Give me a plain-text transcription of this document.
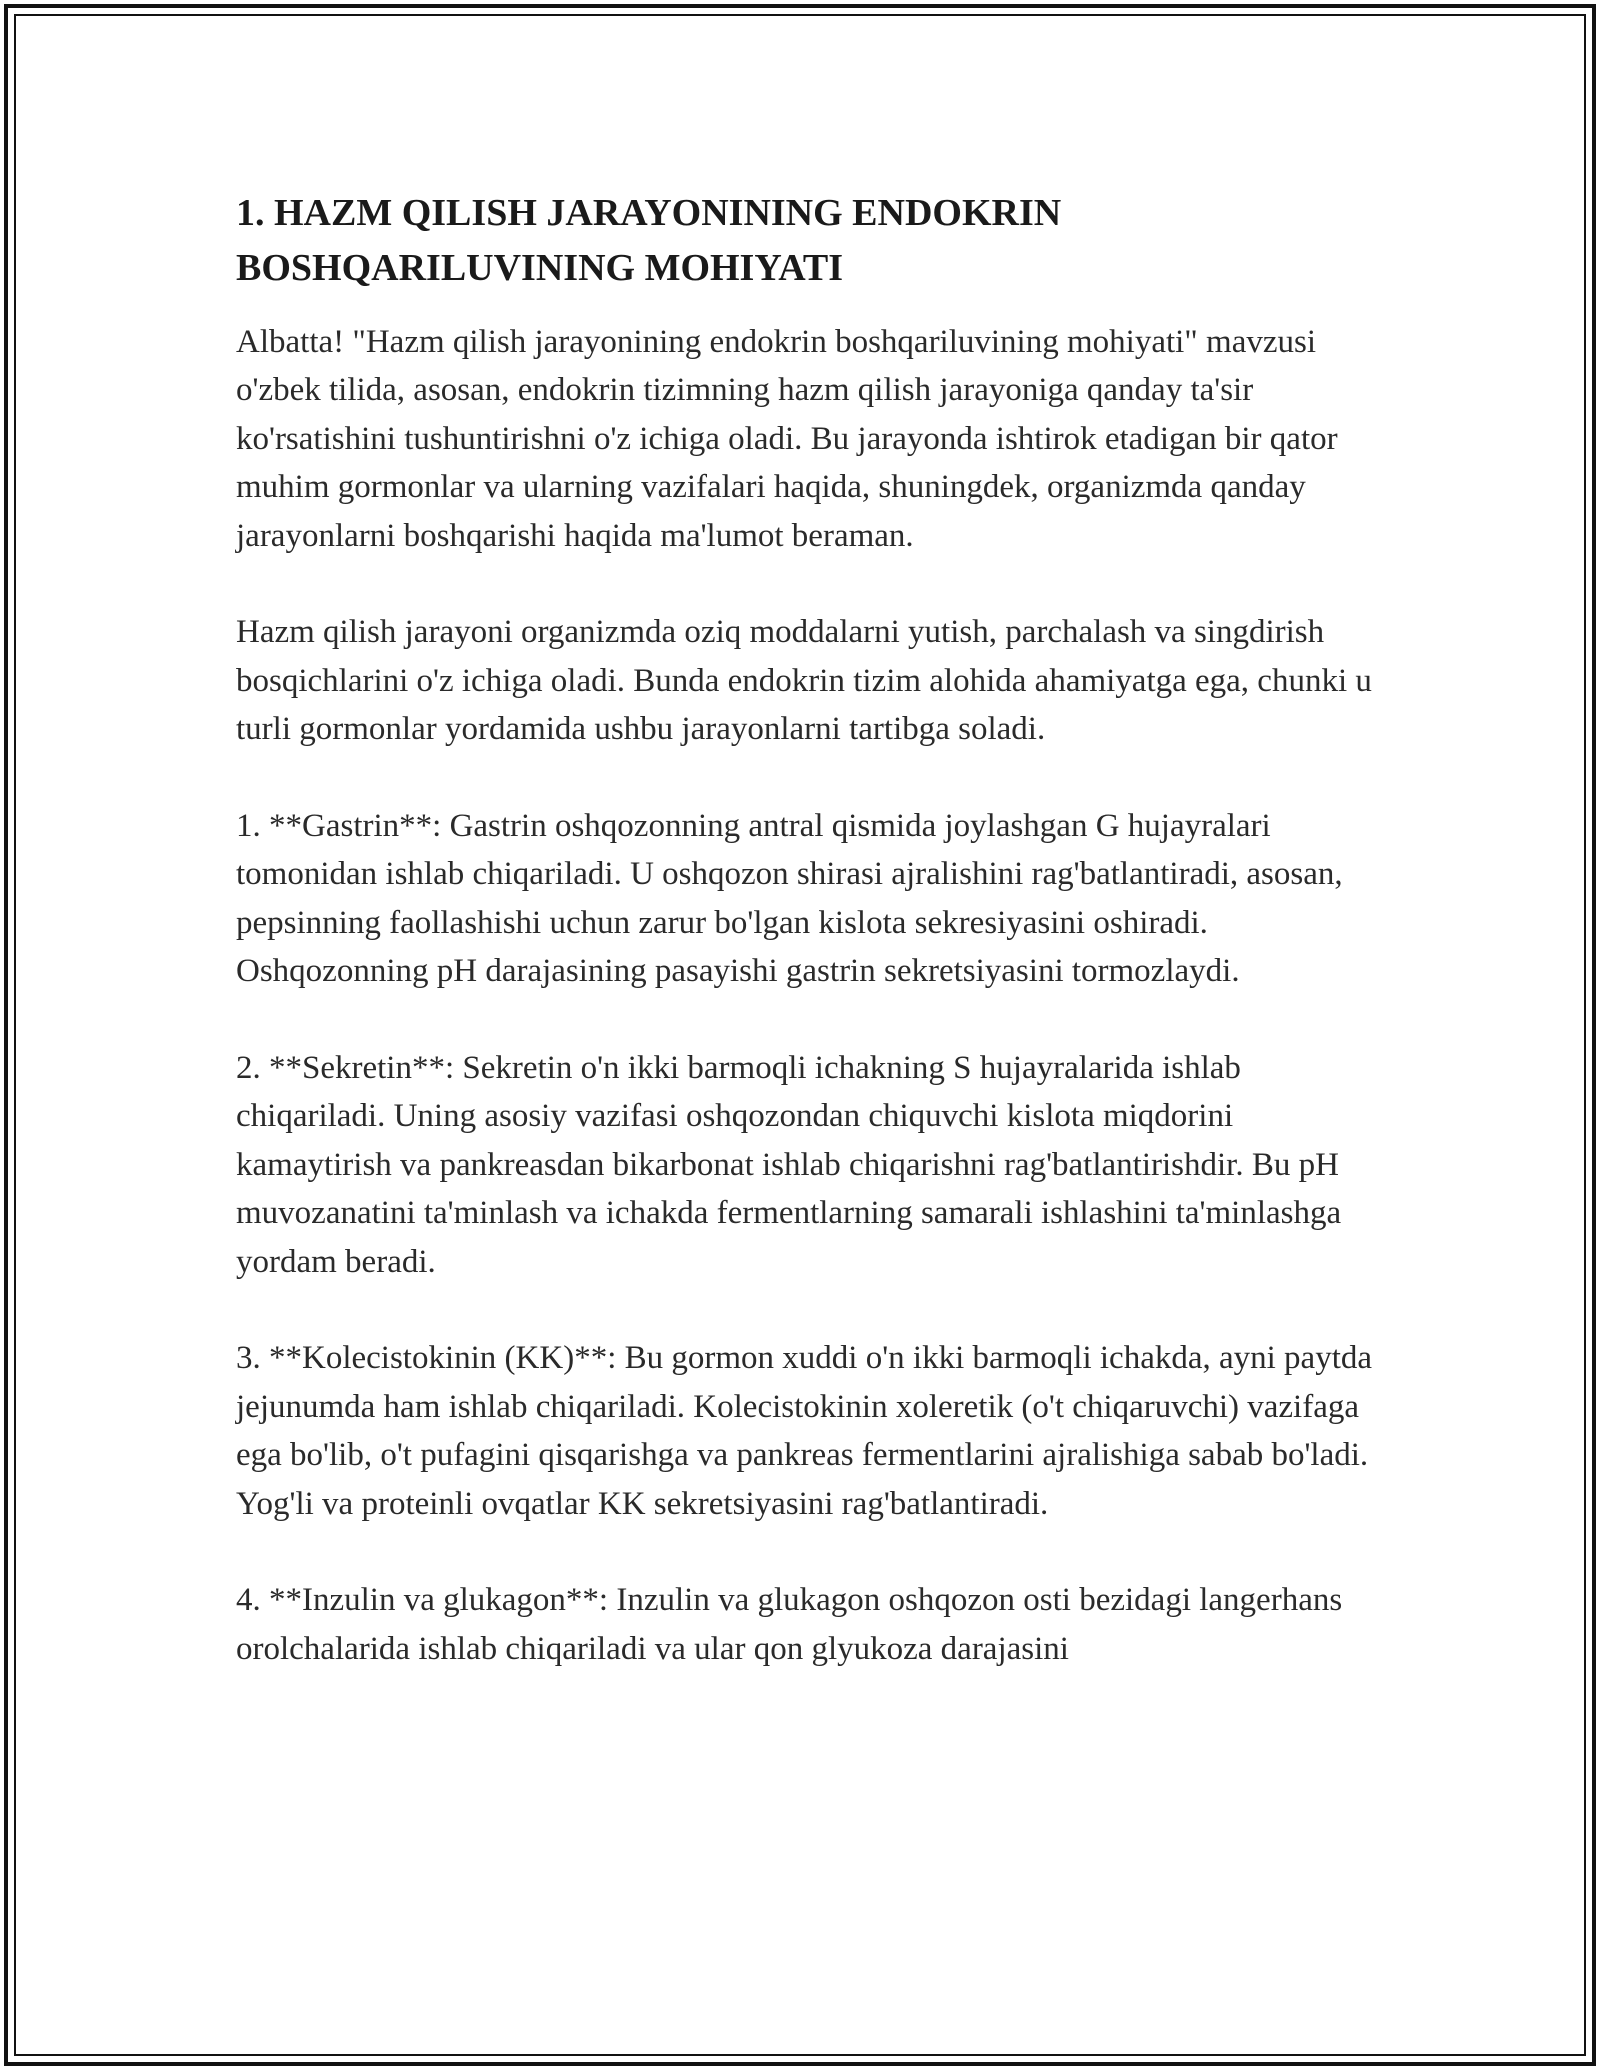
1. HAZM QILISH JARAYONINING ENDOKRIN BOSHQARILUVINING MOHIYATI

Albatta! "Hazm qilish jarayonining endokrin boshqariluvining mohiyati" mavzusi o'zbek tilida, asosan, endokrin tizimning hazm qilish jarayoniga qanday ta'sir ko'rsatishini tushuntirishni o'z ichiga oladi. Bu jarayonda ishtirok etadigan bir qator muhim gormonlar va ularning vazifalari haqida, shuningdek, organizmda qanday jarayonlarni boshqarishi haqida ma'lumot beraman.

Hazm qilish jarayoni organizmda oziq moddalarni yutish, parchalash va singdirish bosqichlarini o'z ichiga oladi. Bunda endokrin tizim alohida ahamiyatga ega, chunki u turli gormonlar yordamida ushbu jarayonlarni tartibga soladi.

1. **Gastrin**: Gastrin oshqozonning antral qismida joylashgan G hujayralari tomonidan ishlab chiqariladi. U oshqozon shirasi ajralishini rag'batlantiradi, asosan, pepsinning faollashishi uchun zarur bo'lgan kislota sekresiyasini oshiradi. Oshqozonning pH darajasining pasayishi gastrin sekretsiyasini tormozlaydi.

2. **Sekretin**: Sekretin o'n ikki barmoqli ichakning S hujayralarida ishlab chiqariladi. Uning asosiy vazifasi oshqozondan chiquvchi kislota miqdorini kamaytirish va pankreasdan bikarbonat ishlab chiqarishni rag'batlantirishdir. Bu pH muvozanatini ta'minlash va ichakda fermentlarning samarali ishlashini ta'minlashga yordam beradi.

3. **Kolecistokinin (KK)**: Bu gormon xuddi o'n ikki barmoqli ichakda, ayni paytda jejunumda ham ishlab chiqariladi. Kolecistokinin xoleretik (o't chiqaruvchi) vazifaga ega bo'lib, o't pufagini qisqarishga va pankreas fermentlarini ajralishiga sabab bo'ladi. Yog'li va proteinli ovqatlar KK sekretsiyasini rag'batlantiradi.

4. **Inzulin va glukagon**: Inzulin va glukagon oshqozon osti bezidagi langerhans orolchalarida ishlab chiqariladi va ular qon glyukoza darajasini
